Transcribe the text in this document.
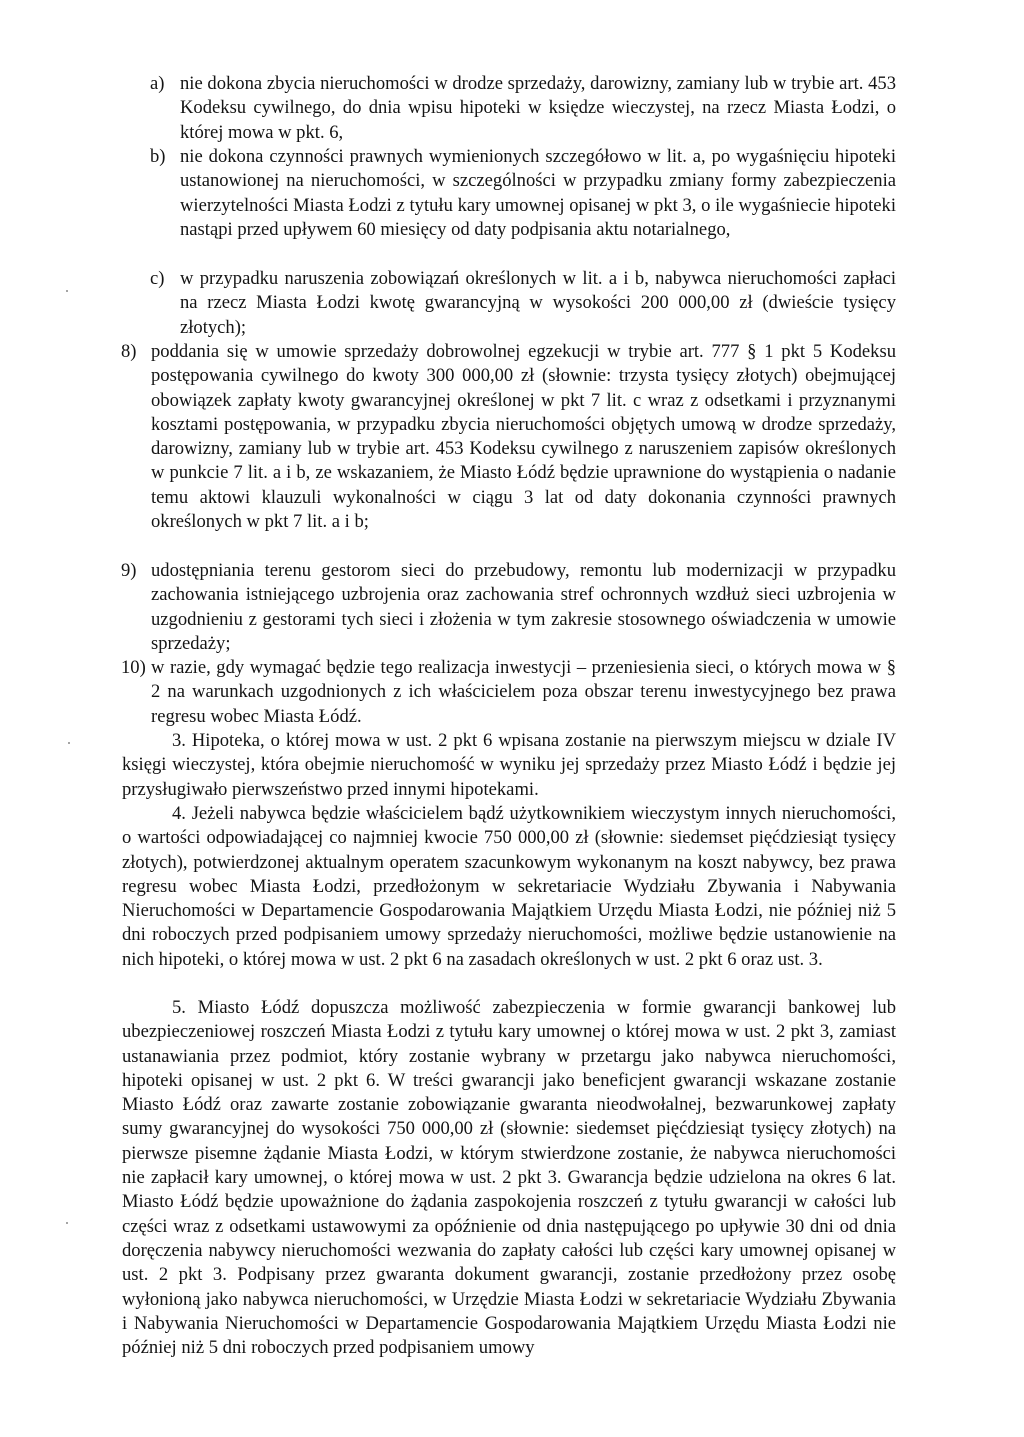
a) nie dokona zbycia nieruchomości w drodze sprzedaży, darowizny, zamiany lub w trybie art. 453 Kodeksu cywilnego, do dnia wpisu hipoteki w księdze wieczystej, na rzecz Miasta Łodzi, o której mowa w pkt. 6,
b) nie dokona czynności prawnych wymienionych szczegółowo w lit. a, po wygaśnięciu hipoteki ustanowionej na nieruchomości, w szczególności w przypadku zmiany formy zabezpieczenia wierzytelności Miasta Łodzi z tytułu kary umownej opisanej w pkt 3, o ile wygaśniecie hipoteki nastąpi przed upływem 60 miesięcy od daty podpisania aktu notarialnego,
c) w przypadku naruszenia zobowiązań określonych w lit. a i b, nabywca nieruchomości zapłaci na rzecz Miasta Łodzi kwotę gwarancyjną w wysokości 200 000,00 zł (dwieście tysięcy złotych);
8) poddania się w umowie sprzedaży dobrowolnej egzekucji w trybie art. 777 § 1 pkt 5 Kodeksu postępowania cywilnego do kwoty 300 000,00 zł (słownie: trzysta tysięcy złotych) obejmującej obowiązek zapłaty kwoty gwarancyjnej określonej w pkt 7 lit. c wraz z odsetkami i przyznanymi kosztami postępowania, w przypadku zbycia nieruchomości objętych umową w drodze sprzedaży, darowizny, zamiany lub w trybie art. 453 Kodeksu cywilnego z naruszeniem zapisów określonych w punkcie 7 lit. a i b, ze wskazaniem, że Miasto Łódź będzie uprawnione do wystąpienia o nadanie temu aktowi klauzuli wykonalności w ciągu 3 lat od daty dokonania czynności prawnych określonych w pkt 7 lit. a i b;
9) udostępniania terenu gestorom sieci do przebudowy, remontu lub modernizacji w przypadku zachowania istniejącego uzbrojenia oraz zachowania stref ochronnych wzdłuż sieci uzbrojenia w uzgodnieniu z gestorami tych sieci i złożenia w tym zakresie stosownego oświadczenia w umowie sprzedaży;
10) w razie, gdy wymagać będzie tego realizacja inwestycji – przeniesienia sieci, o których mowa w § 2 na warunkach uzgodnionych z ich właścicielem poza obszar terenu inwestycyjnego bez prawa regresu wobec Miasta Łódź.
3. Hipoteka, o której mowa w ust. 2 pkt 6 wpisana zostanie na pierwszym miejscu w dziale IV księgi wieczystej, która obejmie nieruchomość w wyniku jej sprzedaży przez Miasto Łódź i będzie jej przysługiwało pierwszeństwo przed innymi hipotekami.
4. Jeżeli nabywca będzie właścicielem bądź użytkownikiem wieczystym innych nieruchomości, o wartości odpowiadającej co najmniej kwocie 750 000,00 zł (słownie: siedemset pięćdziesiąt tysięcy złotych), potwierdzonej aktualnym operatem szacunkowym wykonanym na koszt nabywcy, bez prawa regresu wobec Miasta Łodzi, przedłożonym w sekretariacie Wydziału Zbywania i Nabywania Nieruchomości w Departamencie Gospodarowania Majątkiem Urzędu Miasta Łodzi, nie później niż 5 dni roboczych przed podpisaniem umowy sprzedaży nieruchomości, możliwe będzie ustanowienie na nich hipoteki, o której mowa w ust. 2 pkt 6 na zasadach określonych w ust. 2 pkt 6 oraz ust. 3.
5. Miasto Łódź dopuszcza możliwość zabezpieczenia w formie gwarancji bankowej lub ubezpieczeniowej roszczeń Miasta Łodzi z tytułu kary umownej o której mowa w ust. 2 pkt 3, zamiast ustanawiania przez podmiot, który zostanie wybrany w przetargu jako nabywca nieruchomości, hipoteki opisanej w ust. 2 pkt 6. W treści gwarancji jako beneficjent gwarancji wskazane zostanie Miasto Łódź oraz zawarte zostanie zobowiązanie gwaranta nieodwołalnej, bezwarunkowej zapłaty sumy gwarancyjnej do wysokości 750 000,00 zł (słownie: siedemset pięćdziesiąt tysięcy złotych) na pierwsze pisemne żądanie Miasta Łodzi, w którym stwierdzone zostanie, że nabywca nieruchomości nie zapłacił kary umownej, o której mowa w ust. 2 pkt 3. Gwarancja będzie udzielona na okres 6 lat. Miasto Łódź będzie upoważnione do żądania zaspokojenia roszczeń z tytułu gwarancji w całości lub części wraz z odsetkami ustawowymi za opóźnienie od dnia następującego po upływie 30 dni od dnia doręczenia nabywcy nieruchomości wezwania do zapłaty całości lub części kary umownej opisanej w ust. 2 pkt 3. Podpisany przez gwaranta dokument gwarancji, zostanie przedłożony przez osobę wyłonioną jako nabywca nieruchomości, w Urzędzie Miasta Łodzi w sekretariacie Wydziału Zbywania i Nabywania Nieruchomości w Departamencie Gospodarowania Majątkiem Urzędu Miasta Łodzi nie później niż 5 dni roboczych przed podpisaniem umowy
